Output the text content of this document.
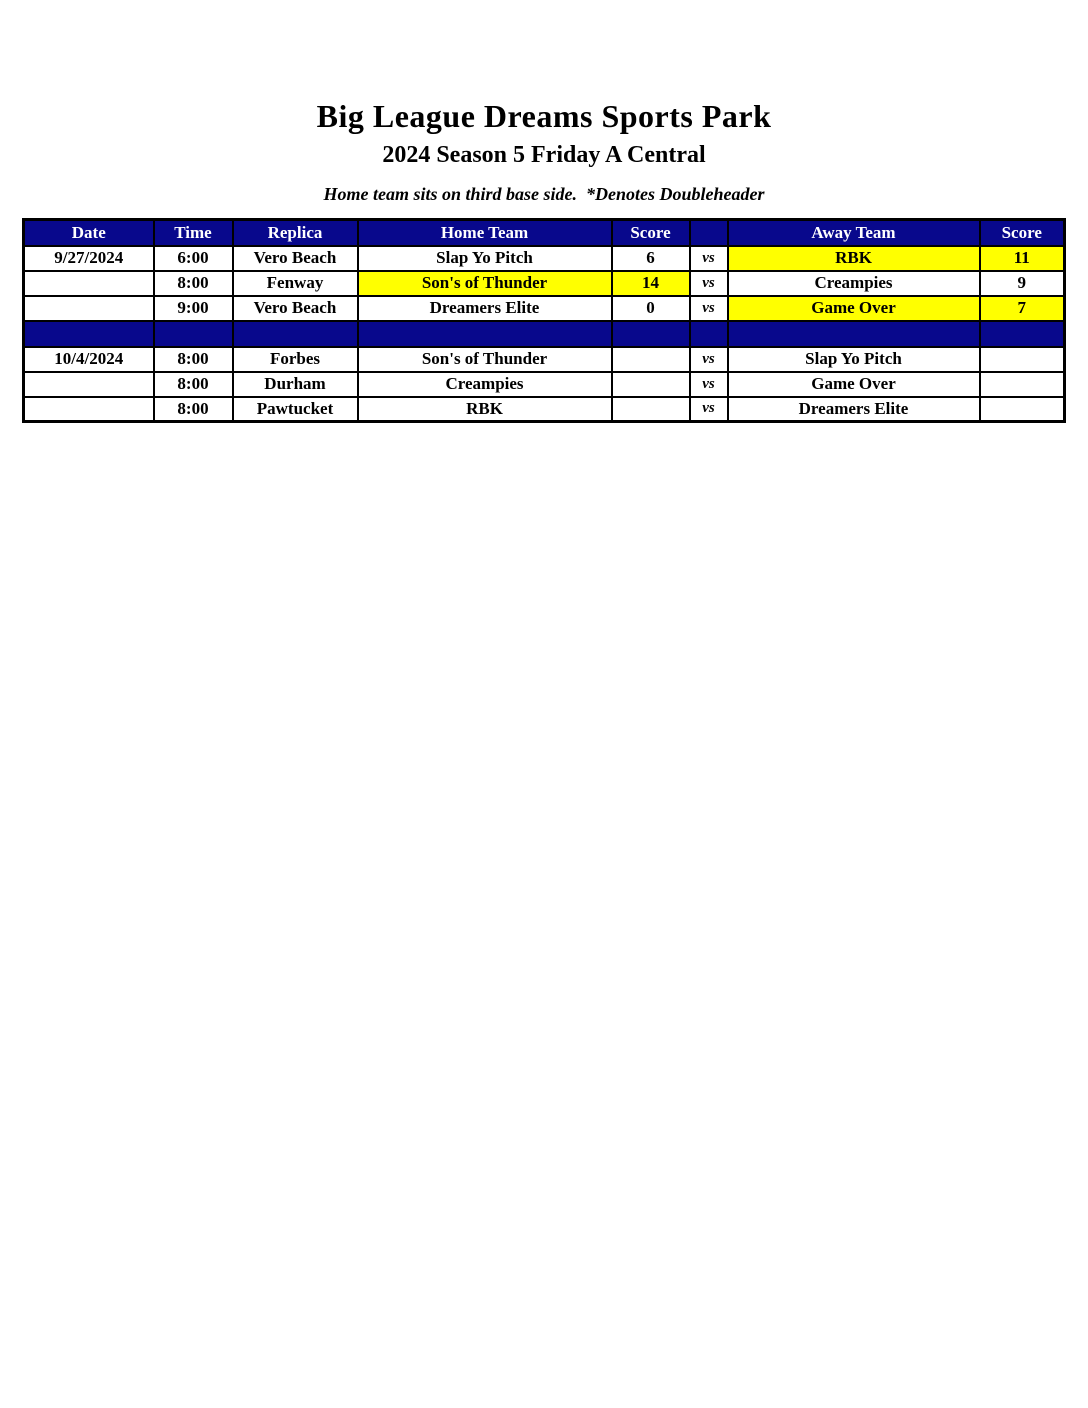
Big League Dreams Sports Park
2024 Season 5 Friday A Central
Home team sits on third base side.  *Denotes Doubleheader
Date	Time	Replica	Home Team	Score		Away Team	Score
9/27/2024	6:00	Vero Beach	Slap Yo Pitch	6	vs	RBK	11
	8:00	Fenway	Son's of Thunder	14	vs	Creampies	9
	9:00	Vero Beach	Dreamers Elite	0	vs	Game Over	7

10/4/2024	8:00	Forbes	Son's of Thunder		vs	Slap Yo Pitch	
	8:00	Durham	Creampies		vs	Game Over	
	8:00	Pawtucket	RBK		vs	Dreamers Elite	
